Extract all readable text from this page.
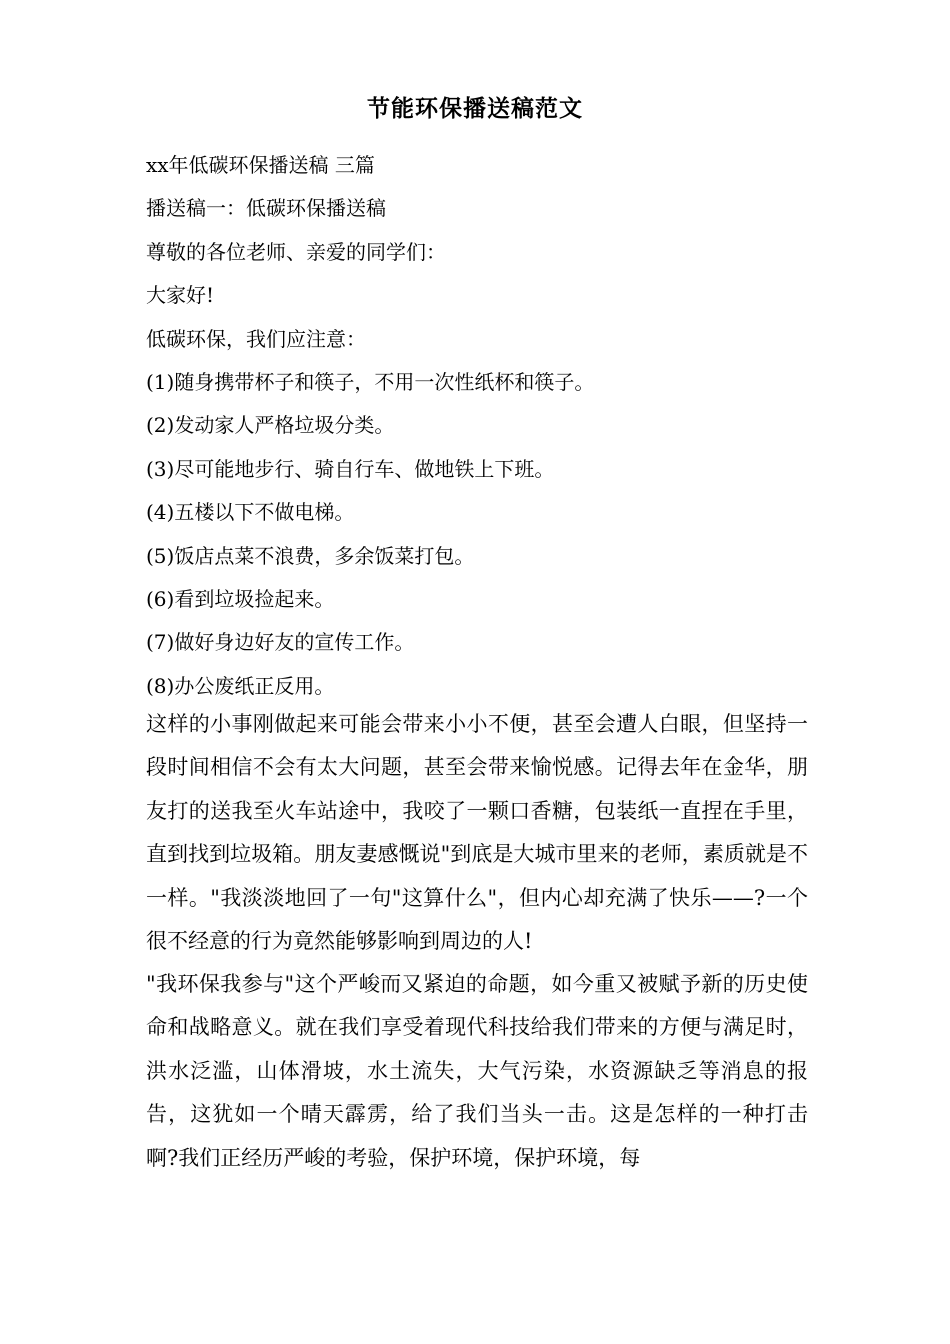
节能环保播送稿范文
xx年低碳环保播送稿 三篇
播送稿一：低碳环保播送稿
尊敬的各位老师、亲爱的同学们：
大家好!
低碳环保，我们应注意：
(1)随身携带杯子和筷子，不用一次性纸杯和筷子。
(2)发动家人严格垃圾分类。
(3)尽可能地步行、骑自行车、做地铁上下班。
(4)五楼以下不做电梯。
(5)饭店点菜不浪费，多余饭菜打包。
(6)看到垃圾捡起来。
(7)做好身边好友的宣传工作。
(8)办公废纸正反用。
这样的小事刚做起来可能会带来小小不便，甚至会遭人白眼，但坚持一段时间相信不会有太大问题，甚至会带来愉悦感。记得去年在金华，朋友打的送我至火车站途中，我咬了一颗口香糖，包装纸一直捏在手里，直到找到垃圾箱。朋友妻感慨说"到底是大城市里来的老师，素质就是不一样。"我淡淡地回了一句"这算什么"，但内心却充满了快乐——?一个很不经意的行为竟然能够影响到周边的人!
"我环保我参与"这个严峻而又紧迫的命题，如今重又被赋予新的历史使命和战略意义。就在我们享受着现代科技给我们带来的方便与满足时，洪水泛滥，山体滑坡，水土流失，大气污染，水资源缺乏等消息的报告，这犹如一个晴天霹雳，给了我们当头一击。这是怎样的一种打击啊?我们正经历严峻的考验，保护环境，保护环境，每
